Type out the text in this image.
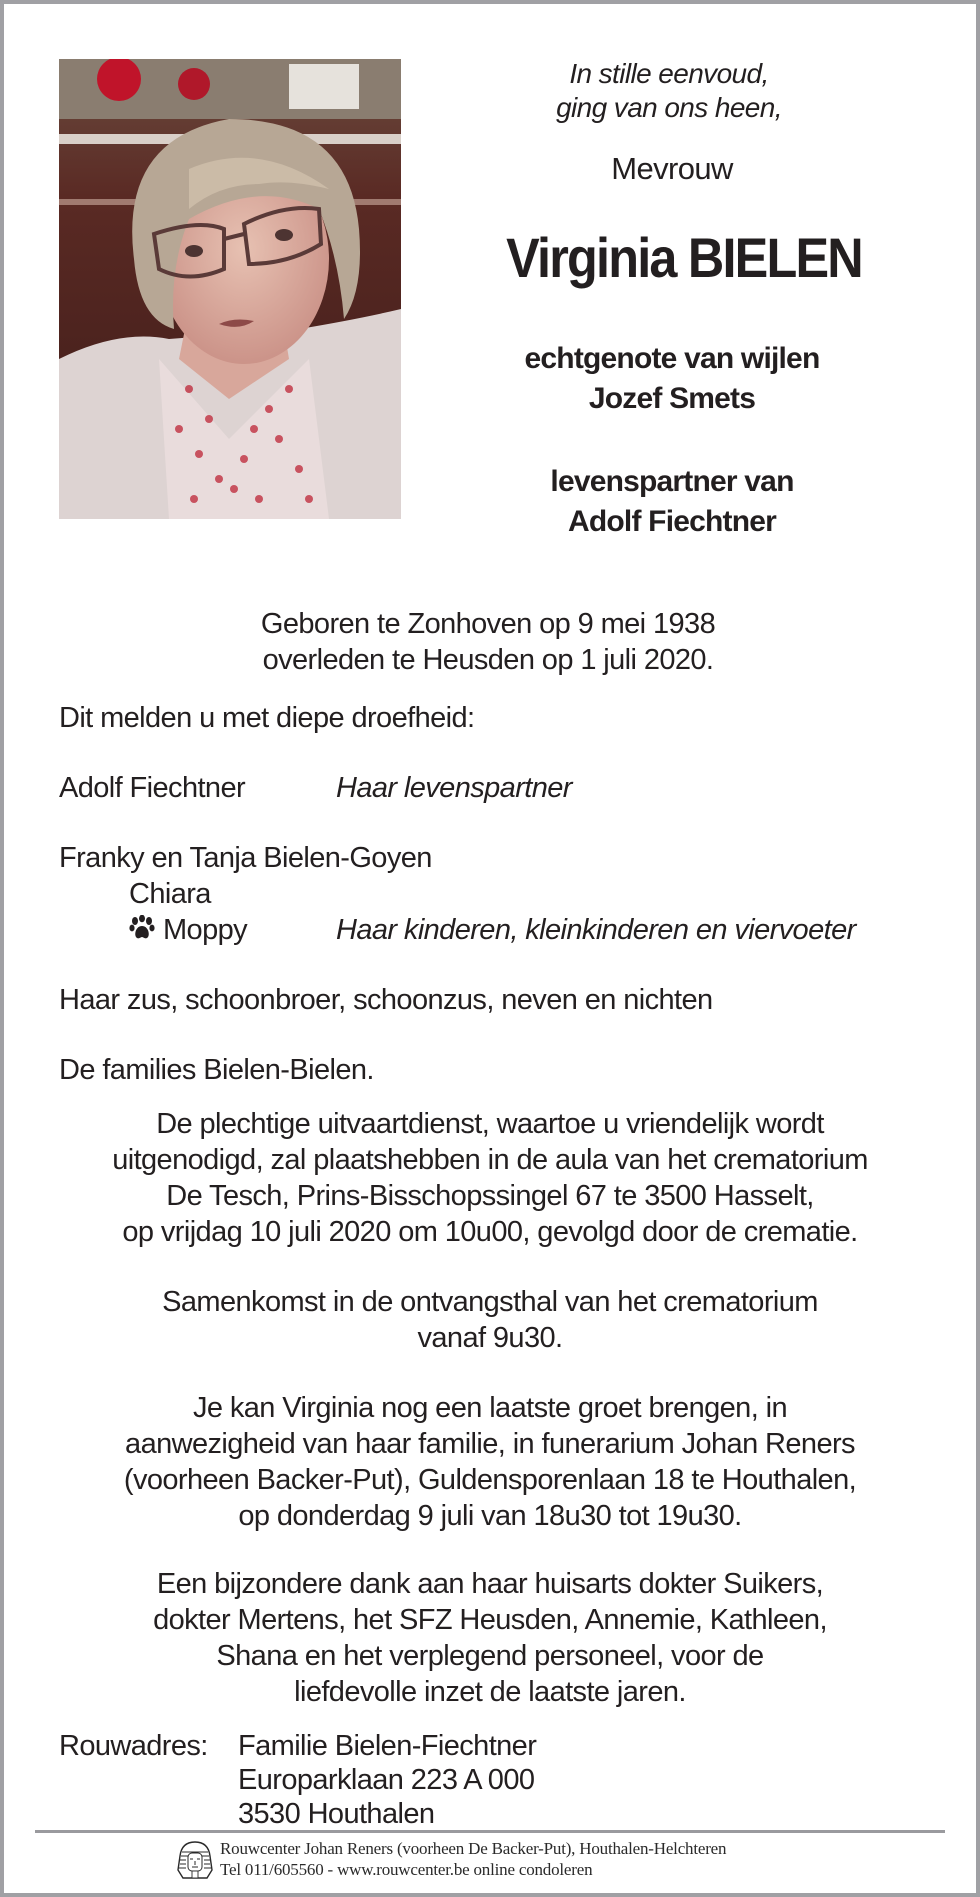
In stille eenvoud,
ging van ons heen,
Mevrouw
Virginia BIELEN
echtgenote van wijlen
Jozef Smets
levenspartner van
Adolf Fiechtner
Geboren te Zonhoven op 9 mei 1938
overleden te Heusden op 1 juli 2020.
Dit melden u met diepe droefheid:
Adolf Fiechtner	Haar levenspartner
Franky en Tanja Bielen-Goyen
Chiara
Moppy	Haar kinderen, kleinkinderen en viervoeter
Haar zus, schoonbroer, schoonzus, neven en nichten
De families Bielen-Bielen.
De plechtige uitvaartdienst, waartoe u vriendelijk wordt
uitgenodigd, zal plaatshebben in de aula van het crematorium
De Tesch, Prins-Bisschopssingel 67 te 3500 Hasselt,
op vrijdag 10 juli 2020 om 10u00, gevolgd door de crematie.
Samenkomst in de ontvangsthal van het crematorium
vanaf 9u30.
Je kan Virginia nog een laatste groet brengen, in
aanwezigheid van haar familie, in funerarium Johan Reners
(voorheen Backer-Put), Guldensporenlaan 18 te Houthalen,
op donderdag 9 juli van 18u30 tot 19u30.
Een bijzondere dank aan haar huisarts dokter Suikers,
dokter Mertens, het SFZ Heusden, Annemie, Kathleen,
Shana en het verplegend personeel, voor de
liefdevolle inzet de laatste jaren.
Rouwadres: Familie Bielen-Fiechtner
Europarklaan 223 A 000
3530 Houthalen
Rouwcenter Johan Reners (voorheen De Backer-Put), Houthalen-Helchteren
Tel 011/605560 - www.rouwcenter.be online condoleren
